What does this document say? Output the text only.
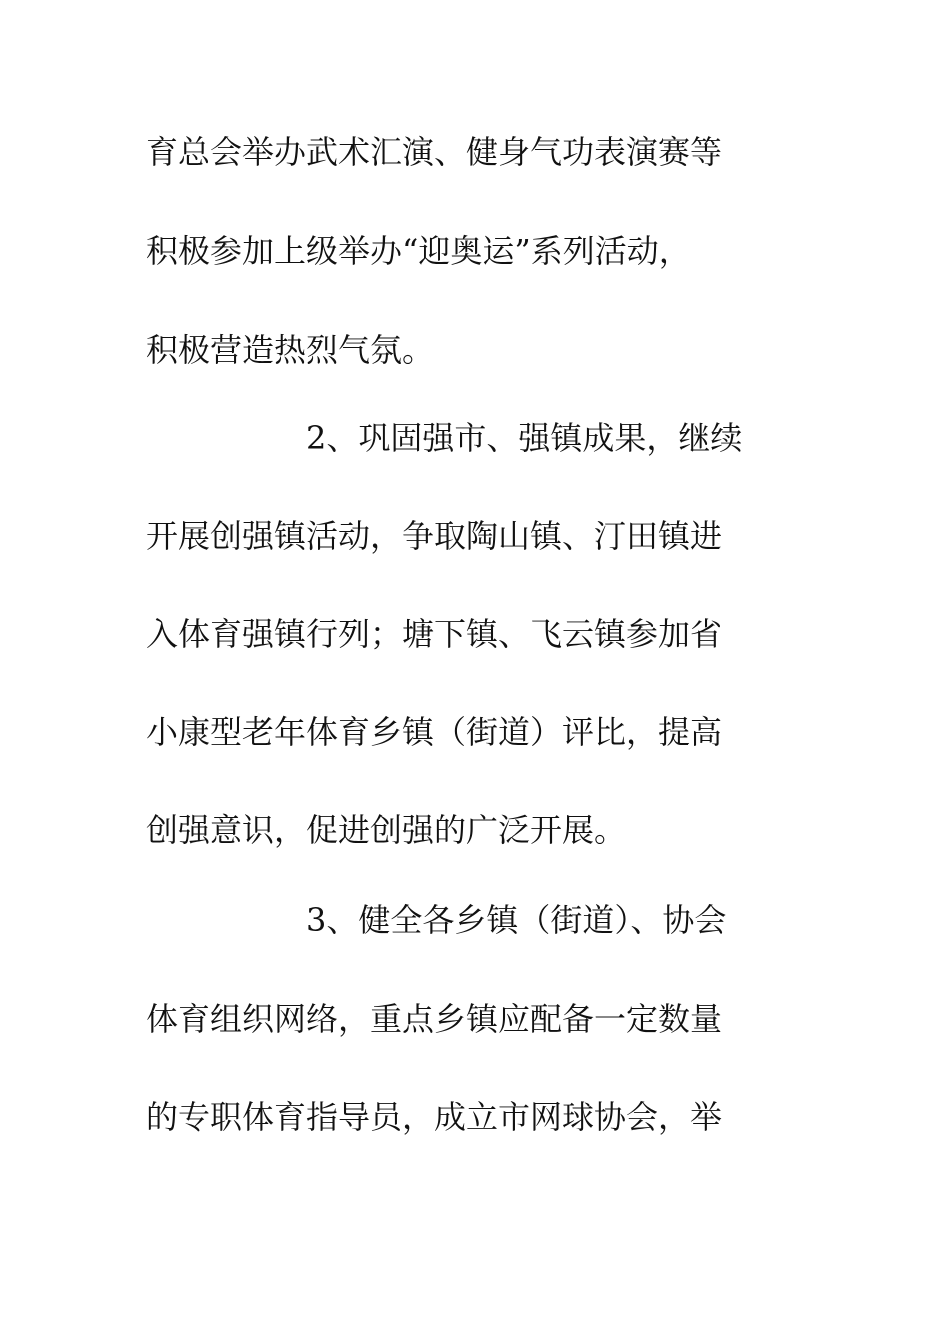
育总会举办武术汇演、健身气功表演赛等
积极参加上级举办“迎奥运”系列活动，
积极营造热烈气氛。
2、巩固强市、强镇成果，继续
开展创强镇活动，争取陶山镇、汀田镇进
入体育强镇行列；塘下镇、飞云镇参加省
小康型老年体育乡镇（街道）评比，提高
创强意识，促进创强的广泛开展。
3、健全各乡镇（街道）、协会
体育组织网络，重点乡镇应配备一定数量
的专职体育指导员，成立市网球协会，举
